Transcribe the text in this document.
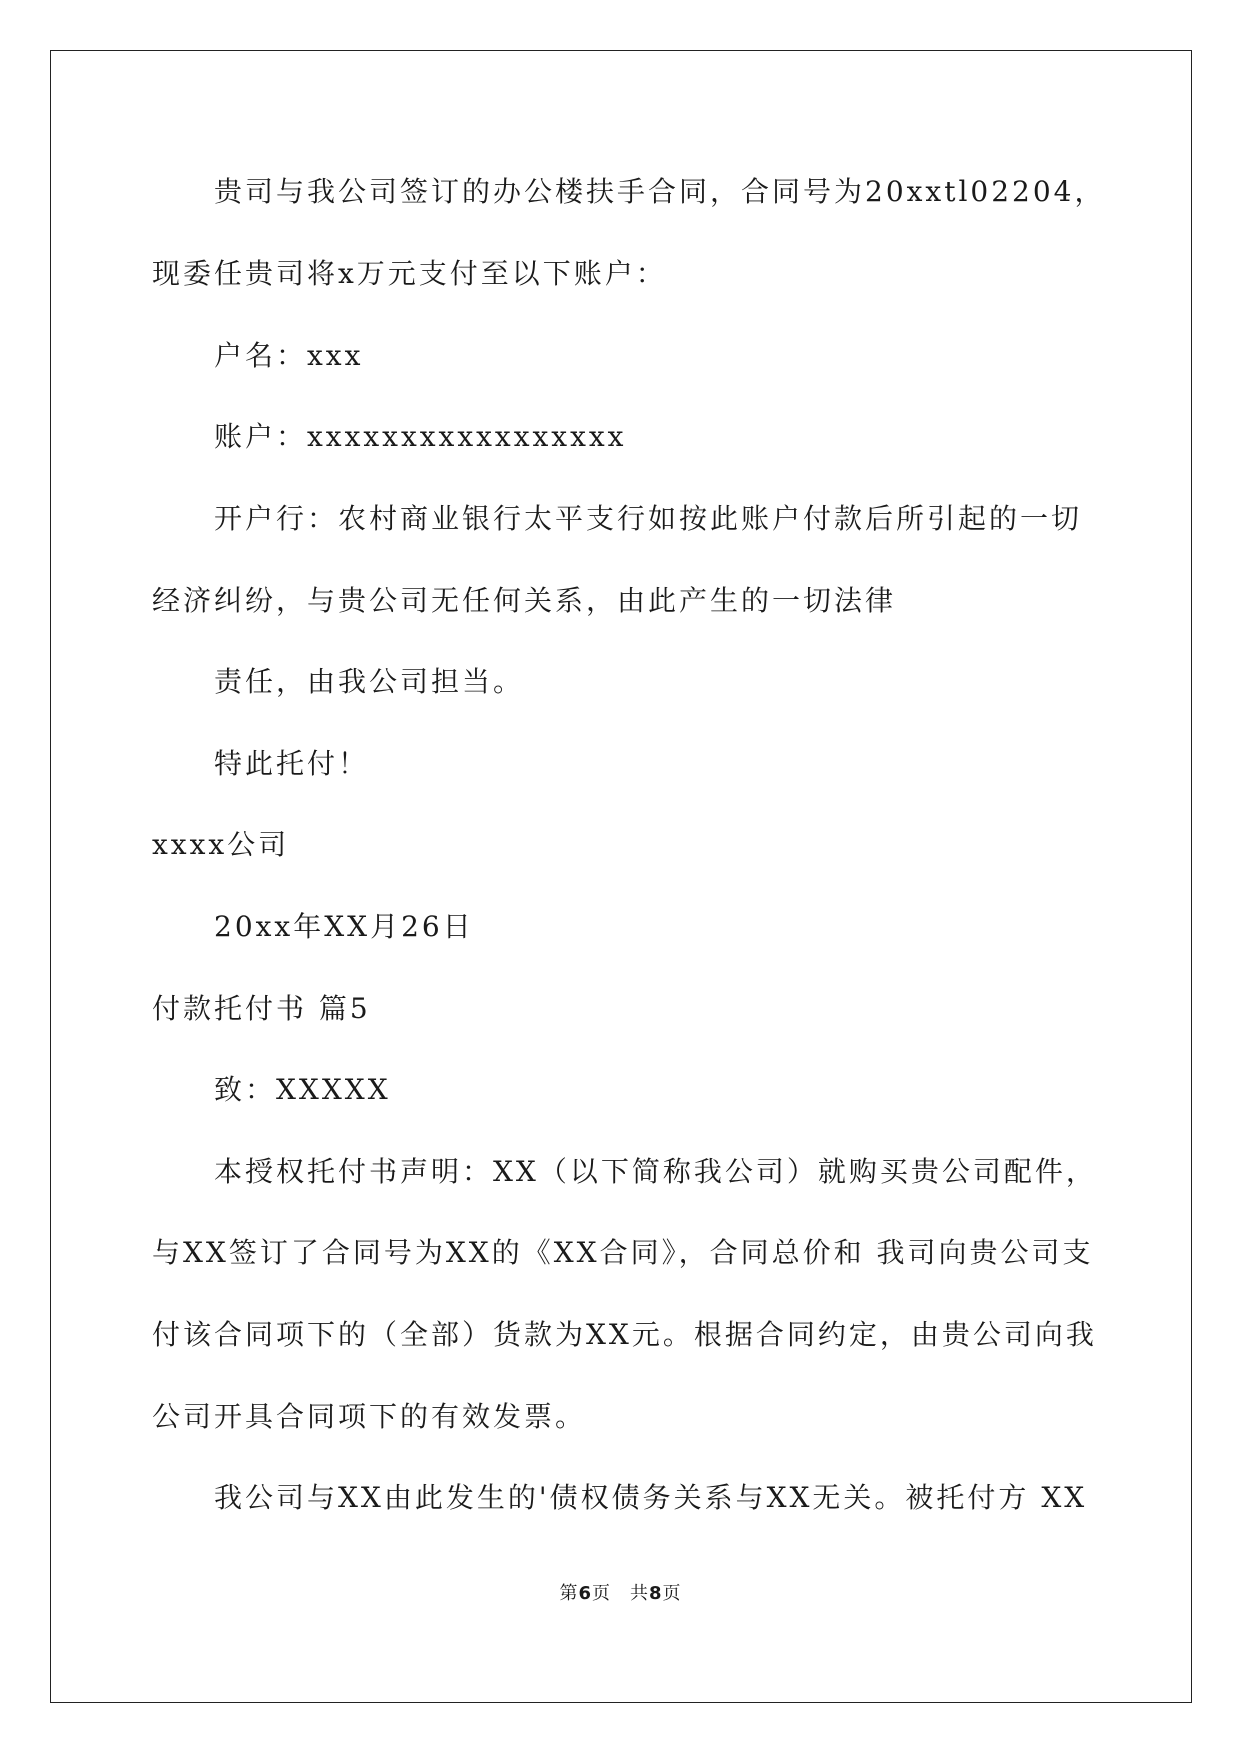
贵司与我公司签订的办公楼扶手合同，合同号为20xxtl02204，
现委任贵司将x万元支付至以下账户：
户名：xxx
账户：xxxxxxxxxxxxxxxxx
开户行：农村商业银行太平支行如按此账户付款后所引起的一切
经济纠纷，与贵公司无任何关系，由此产生的一切法律
责任，由我公司担当。
特此托付！
xxxx公司
20xx年XX月26日
付款托付书 篇5
致：XXXXX
本授权托付书声明：XX（以下简称我公司）就购买贵公司配件，
与XX签订了合同号为XX的《XX合同》，合同总价和 我司向贵公司支
付该合同项下的（全部）货款为XX元。根据合同约定，由贵公司向我
公司开具合同项下的有效发票。
我公司与XX由此发生的'债权债务关系与XX无关。被托付方 XX
第6页　共8页
